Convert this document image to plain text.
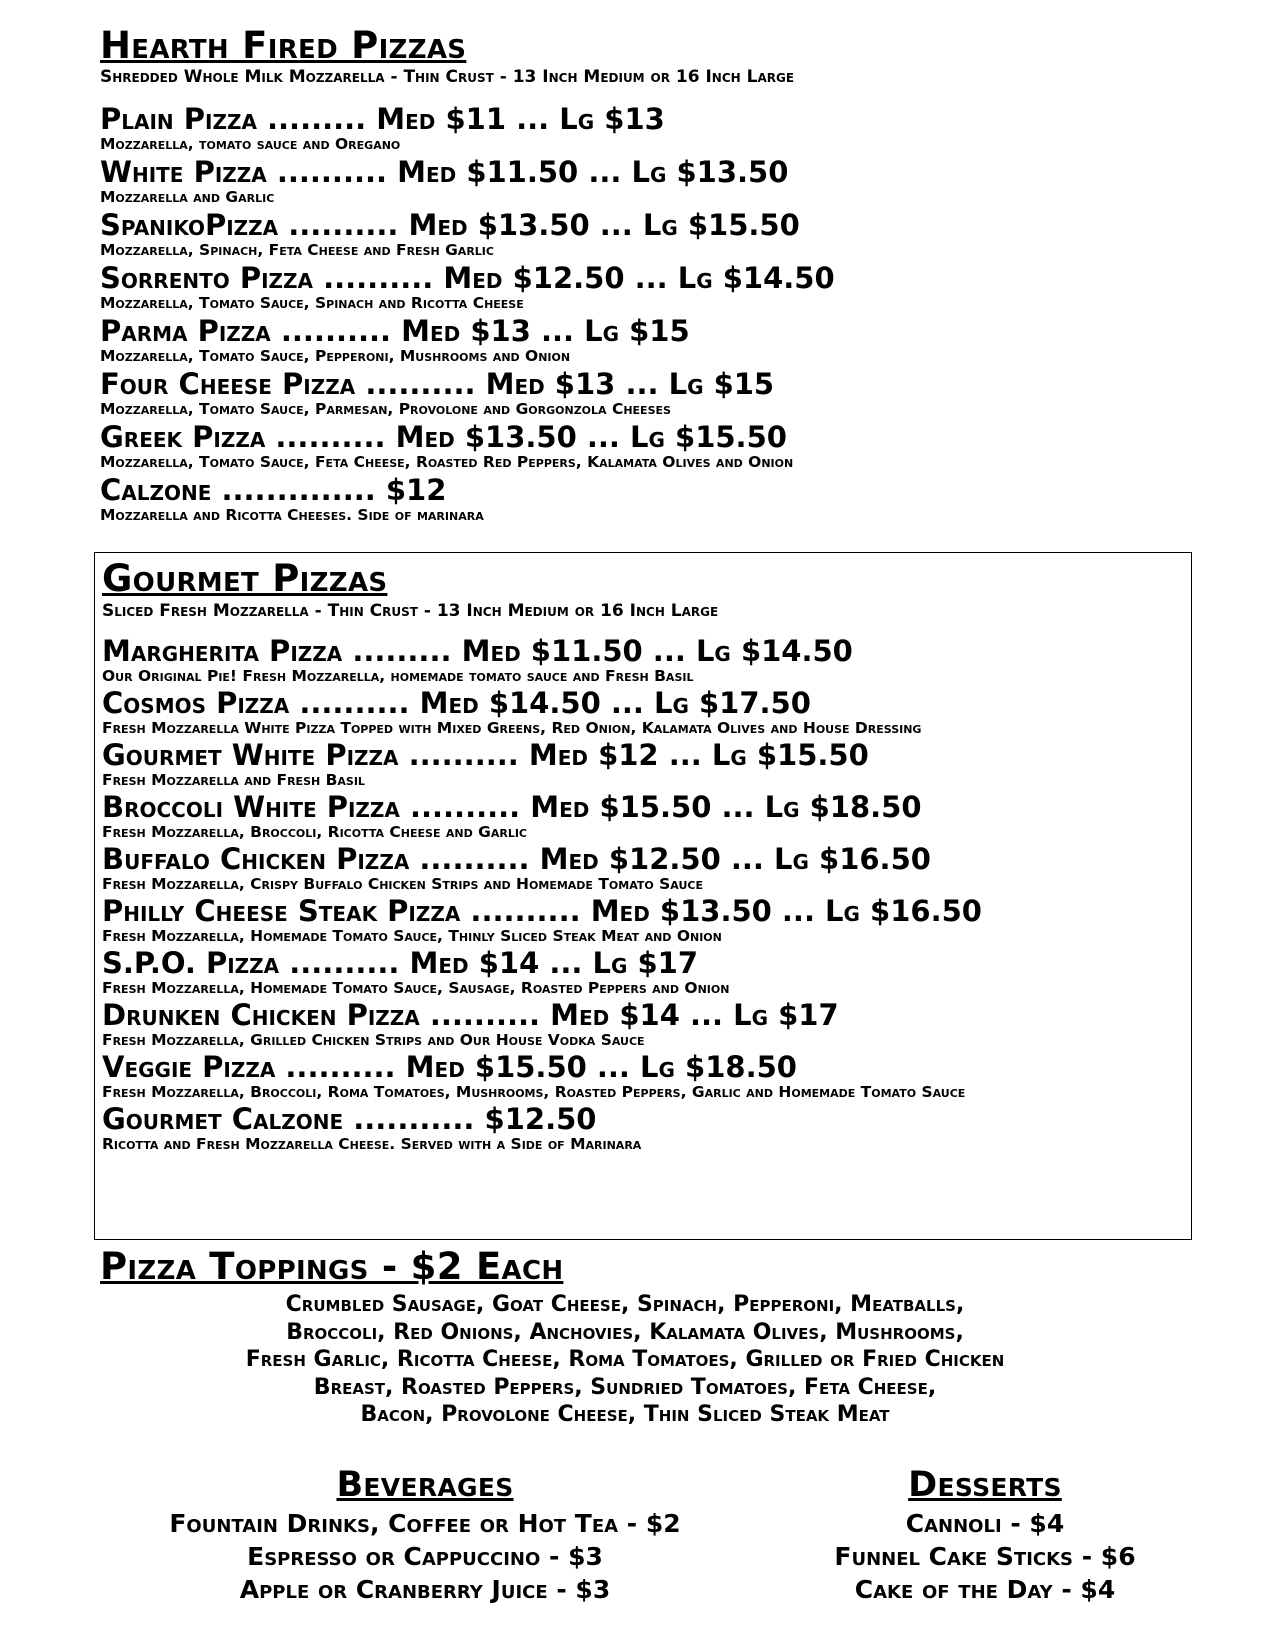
Hearth Fired Pizzas
Shredded Whole Milk Mozzarella - Thin Crust - 13 Inch Medium or 16 Inch Large
Plain Pizza ......... Med $11 ... Lg $13
Mozzarella, tomato sauce and Oregano
White Pizza .......... Med $11.50 ... Lg $13.50
Mozzarella and Garlic
SpanikoPizza .......... Med $13.50 ... Lg $15.50
Mozzarella, Spinach, Feta Cheese and Fresh Garlic
Sorrento Pizza .......... Med $12.50 ... Lg $14.50
Mozzarella, Tomato Sauce, Spinach and Ricotta Cheese
Parma Pizza .......... Med $13 ... Lg $15
Mozzarella, Tomato Sauce, Pepperoni, Mushrooms and Onion
Four Cheese Pizza .......... Med $13 ... Lg $15
Mozzarella, Tomato Sauce, Parmesan, Provolone and Gorgonzola Cheeses
Greek Pizza .......... Med $13.50 ... Lg $15.50
Mozzarella, Tomato Sauce, Feta Cheese, Roasted Red Peppers, Kalamata Olives and Onion
Calzone .............. $12
Mozzarella and Ricotta Cheeses. Side of marinara
Gourmet Pizzas
Sliced Fresh Mozzarella - Thin Crust - 13 Inch Medium or 16 Inch Large
Margherita Pizza ......... Med $11.50 ... Lg $14.50
Our Original Pie! Fresh Mozzarella, homemade tomato sauce and Fresh Basil
Cosmos Pizza .......... Med $14.50 ... Lg $17.50
Fresh Mozzarella White Pizza Topped with Mixed Greens, Red Onion, Kalamata Olives and House Dressing
Gourmet White Pizza .......... Med $12 ... Lg $15.50
Fresh Mozzarella and Fresh Basil
Broccoli White Pizza .......... Med $15.50 ... Lg $18.50
Fresh Mozzarella, Broccoli, Ricotta Cheese and Garlic
Buffalo Chicken Pizza .......... Med $12.50 ... Lg $16.50
Fresh Mozzarella, Crispy Buffalo Chicken Strips and Homemade Tomato Sauce
Philly Cheese Steak Pizza .......... Med $13.50 ... Lg $16.50
Fresh Mozzarella, Homemade Tomato Sauce, Thinly Sliced Steak Meat and Onion
S.P.O. Pizza .......... Med $14 ... Lg $17
Fresh Mozzarella, Homemade Tomato Sauce, Sausage, Roasted Peppers and Onion
Drunken Chicken Pizza .......... Med $14 ... Lg $17
Fresh Mozzarella, Grilled Chicken Strips and Our House Vodka Sauce
Veggie Pizza .......... Med $15.50 ... Lg $18.50
Fresh Mozzarella, Broccoli, Roma Tomatoes, Mushrooms, Roasted Peppers, Garlic and Homemade Tomato Sauce
Gourmet Calzone ........... $12.50
Ricotta and Fresh Mozzarella Cheese. Served with a Side of Marinara
Pizza Toppings - $2 Each
Crumbled Sausage, Goat Cheese, Spinach, Pepperoni, Meatballs,
Broccoli, Red Onions, Anchovies, Kalamata Olives, Mushrooms,
Fresh Garlic, Ricotta Cheese, Roma Tomatoes, Grilled or Fried Chicken
Breast, Roasted Peppers, Sundried Tomatoes, Feta Cheese,
Bacon, Provolone Cheese, Thin Sliced Steak Meat
Beverages
Fountain Drinks, Coffee or Hot Tea - $2
Espresso or Cappuccino - $3
Apple or Cranberry Juice - $3
Desserts
Cannoli - $4
Funnel Cake Sticks - $6
Cake of the Day - $4
